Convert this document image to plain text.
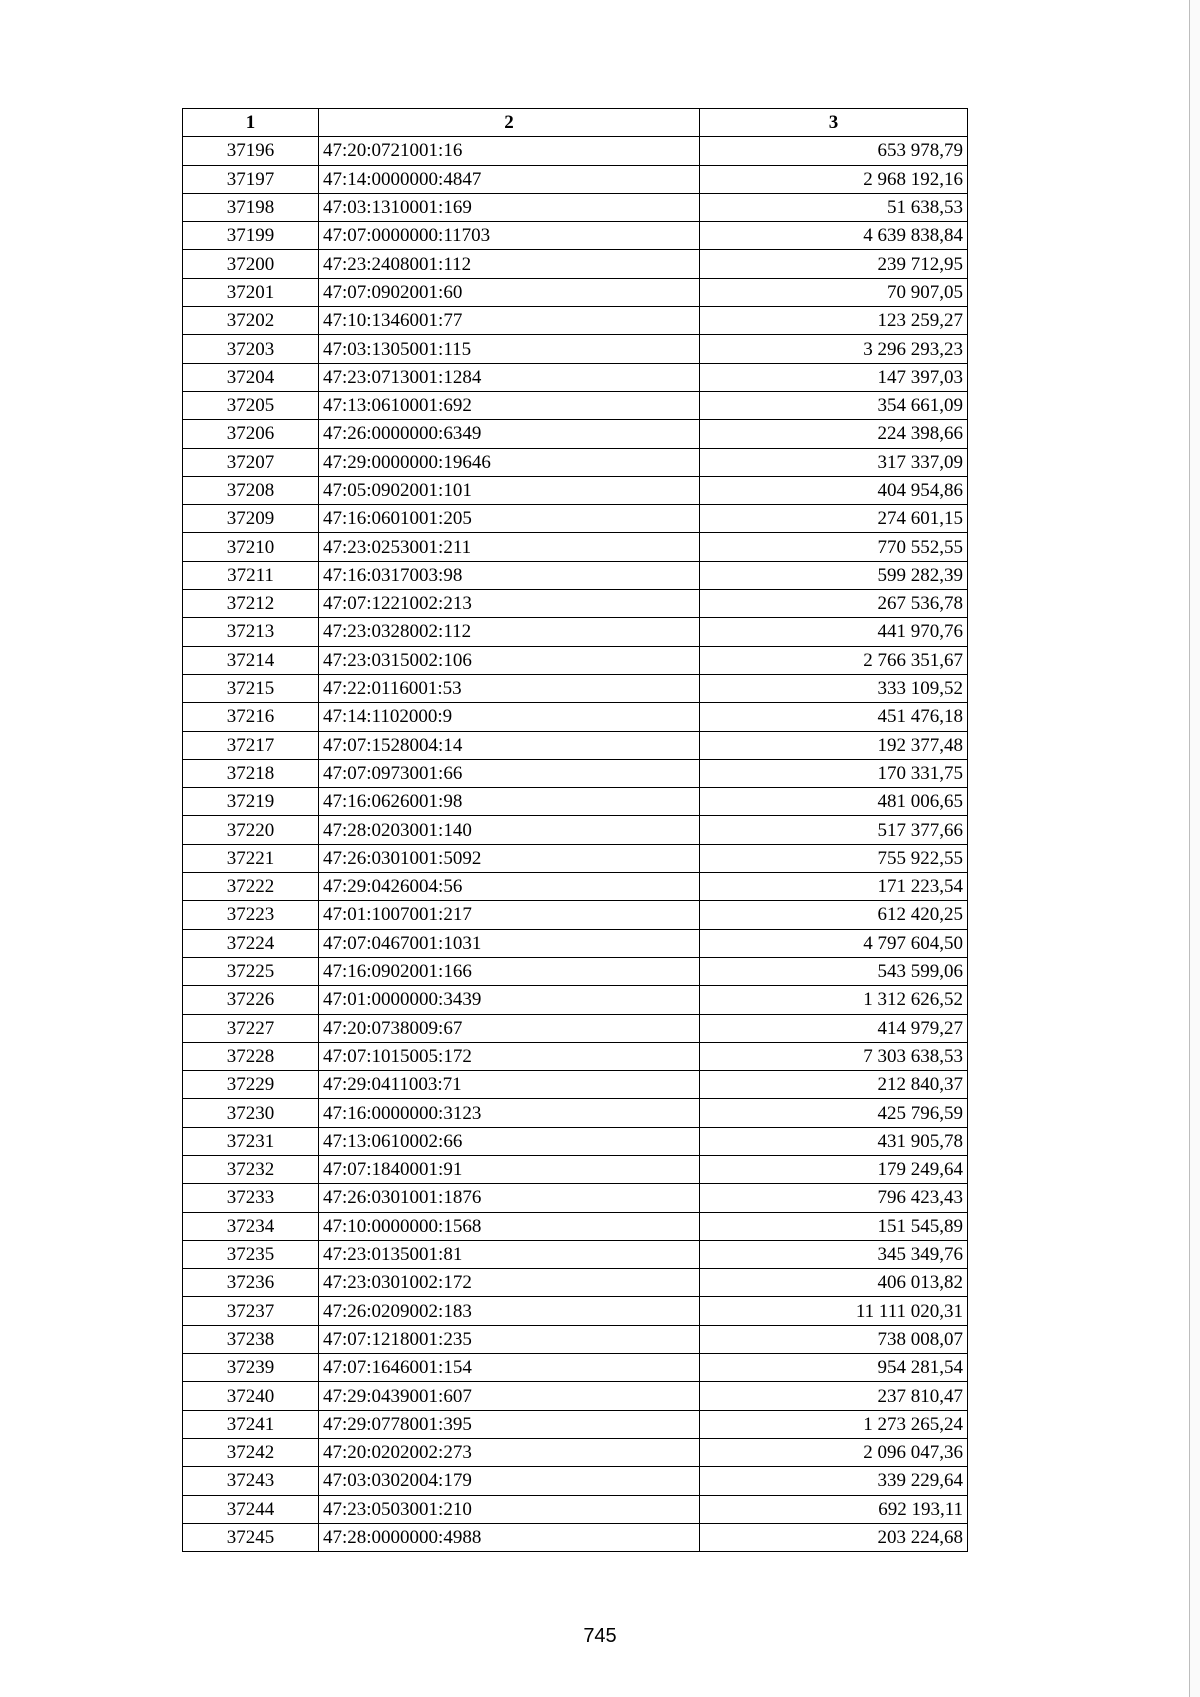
1	2	3
37196	47:20:0721001:16	653 978,79
37197	47:14:0000000:4847	2 968 192,16
37198	47:03:1310001:169	51 638,53
37199	47:07:0000000:11703	4 639 838,84
37200	47:23:2408001:112	239 712,95
37201	47:07:0902001:60	70 907,05
37202	47:10:1346001:77	123 259,27
37203	47:03:1305001:115	3 296 293,23
37204	47:23:0713001:1284	147 397,03
37205	47:13:0610001:692	354 661,09
37206	47:26:0000000:6349	224 398,66
37207	47:29:0000000:19646	317 337,09
37208	47:05:0902001:101	404 954,86
37209	47:16:0601001:205	274 601,15
37210	47:23:0253001:211	770 552,55
37211	47:16:0317003:98	599 282,39
37212	47:07:1221002:213	267 536,78
37213	47:23:0328002:112	441 970,76
37214	47:23:0315002:106	2 766 351,67
37215	47:22:0116001:53	333 109,52
37216	47:14:1102000:9	451 476,18
37217	47:07:1528004:14	192 377,48
37218	47:07:0973001:66	170 331,75
37219	47:16:0626001:98	481 006,65
37220	47:28:0203001:140	517 377,66
37221	47:26:0301001:5092	755 922,55
37222	47:29:0426004:56	171 223,54
37223	47:01:1007001:217	612 420,25
37224	47:07:0467001:1031	4 797 604,50
37225	47:16:0902001:166	543 599,06
37226	47:01:0000000:3439	1 312 626,52
37227	47:20:0738009:67	414 979,27
37228	47:07:1015005:172	7 303 638,53
37229	47:29:0411003:71	212 840,37
37230	47:16:0000000:3123	425 796,59
37231	47:13:0610002:66	431 905,78
37232	47:07:1840001:91	179 249,64
37233	47:26:0301001:1876	796 423,43
37234	47:10:0000000:1568	151 545,89
37235	47:23:0135001:81	345 349,76
37236	47:23:0301002:172	406 013,82
37237	47:26:0209002:183	11 111 020,31
37238	47:07:1218001:235	738 008,07
37239	47:07:1646001:154	954 281,54
37240	47:29:0439001:607	237 810,47
37241	47:29:0778001:395	1 273 265,24
37242	47:20:0202002:273	2 096 047,36
37243	47:03:0302004:179	339 229,64
37244	47:23:0503001:210	692 193,11
37245	47:28:0000000:4988	203 224,68
745
